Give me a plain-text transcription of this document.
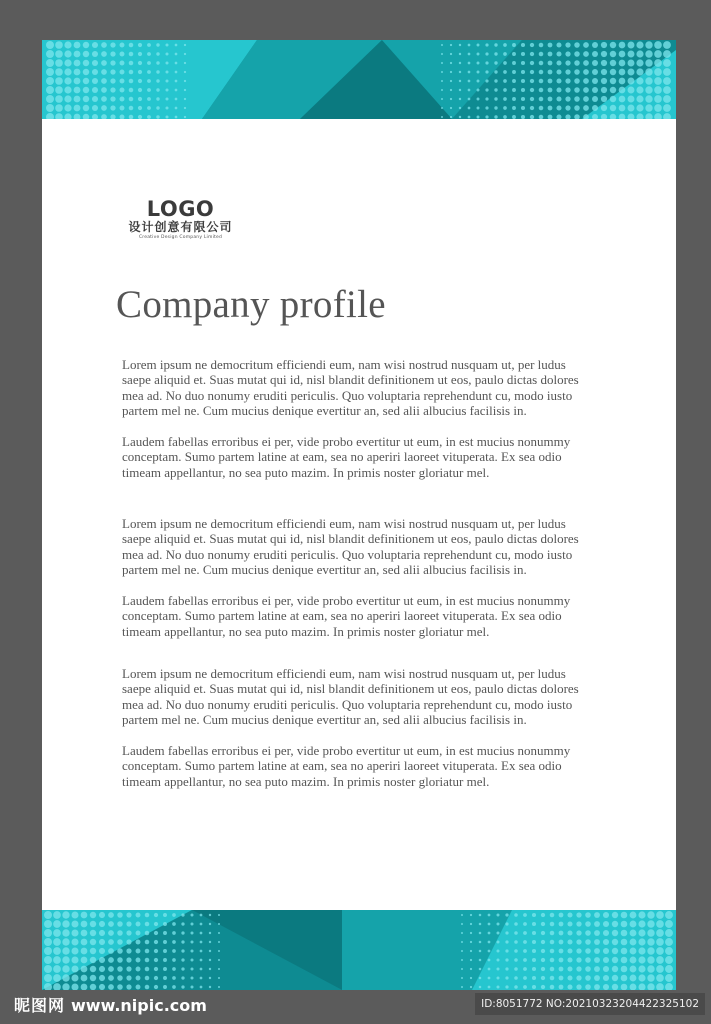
LOGO
设计创意有限公司
Creative Design Company Limited
Company profile

Lorem ipsum ne democritum efficiendi eum, nam wisi nostrud nusquam ut, per ludus
saepe aliquid et. Suas mutat qui id, nisl blandit definitionem ut eos, paulo dictas dolores
mea ad. No duo nonumy eruditi periculis. Quo voluptaria reprehendunt cu, modo iusto
partem mel ne. Cum mucius denique evertitur an, sed alii albucius facilisis in.

Laudem fabellas erroribus ei per, vide probo evertitur ut eum, in est mucius nonummy
conceptam. Sumo partem latine at eam, sea no aperiri laoreet vituperata. Ex sea odio
timeam appellantur, no sea puto mazim. In primis noster gloriatur mel.

Lorem ipsum ne democritum efficiendi eum, nam wisi nostrud nusquam ut, per ludus
saepe aliquid et. Suas mutat qui id, nisl blandit definitionem ut eos, paulo dictas dolores
mea ad. No duo nonumy eruditi periculis. Quo voluptaria reprehendunt cu, modo iusto
partem mel ne. Cum mucius denique evertitur an, sed alii albucius facilisis in.

Laudem fabellas erroribus ei per, vide probo evertitur ut eum, in est mucius nonummy
conceptam. Sumo partem latine at eam, sea no aperiri laoreet vituperata. Ex sea odio
timeam appellantur, no sea puto mazim. In primis noster gloriatur mel.

Lorem ipsum ne democritum efficiendi eum, nam wisi nostrud nusquam ut, per ludus
saepe aliquid et. Suas mutat qui id, nisl blandit definitionem ut eos, paulo dictas dolores
mea ad. No duo nonumy eruditi periculis. Quo voluptaria reprehendunt cu, modo iusto
partem mel ne. Cum mucius denique evertitur an, sed alii albucius facilisis in.

Laudem fabellas erroribus ei per, vide probo evertitur ut eum, in est mucius nonummy
conceptam. Sumo partem latine at eam, sea no aperiri laoreet vituperata. Ex sea odio
timeam appellantur, no sea puto mazim. In primis noster gloriatur mel.

昵图网 www.nipic.com	ID:8051772 NO:20210323204422325102
